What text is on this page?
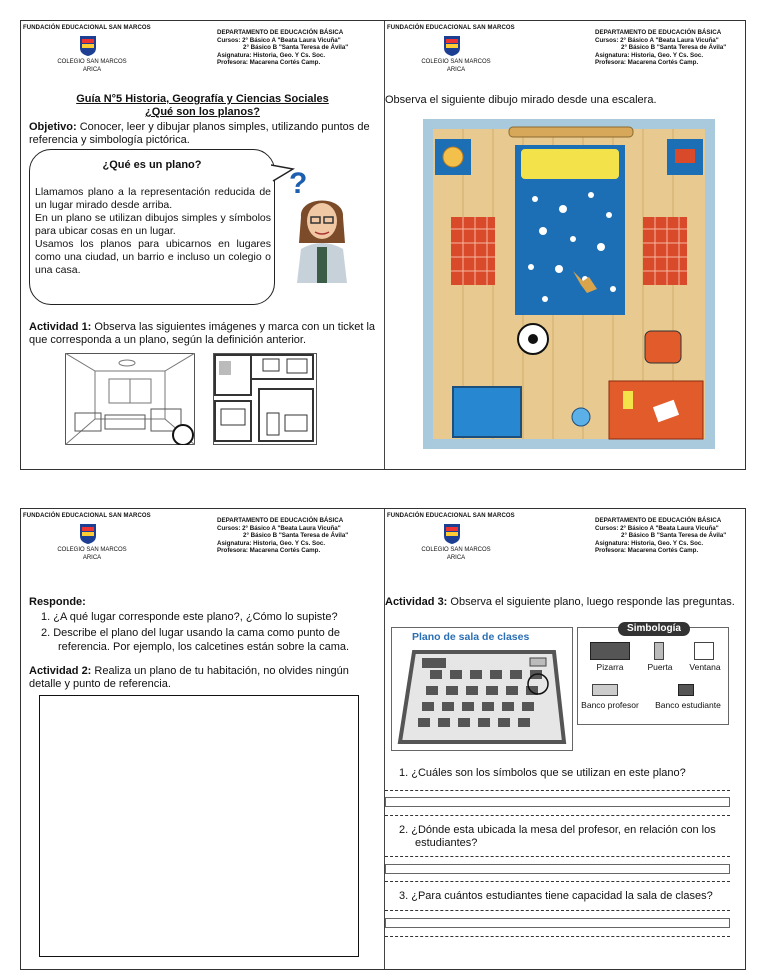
FUNDACIÓN EDUCACIONAL SAN MARCOS
COLEGIO SAN MARCOS
ARICA
DEPARTAMENTO DE EDUCACIÓN BÁSICA
Cursos: 2° Básico A "Beata Laura Vicuña"
2° Básico B "Santa Teresa de Ávila"
Asignatura: Historia, Geo. Y Cs. Soc.
Profesora: Macarena Cortés Camp.
Guía N°5 Historia, Geografía y Ciencias Sociales
¿Qué son los planos?
Objetivo: Conocer, leer y dibujar planos simples, utilizando puntos de referencia y simbología pictórica.
¿Qué es un plano?
Llamamos plano a la representación reducida de un lugar mirado desde arriba.
En un plano se utilizan dibujos simples y símbolos para ubicar cosas en un lugar.
Usamos los planos para ubicarnos en lugares como una ciudad, un barrio e incluso un colegio o una casa.
?
Actividad 1: Observa las siguientes imágenes y marca con un ticket la que corresponda a un plano, según la definición anterior.
FUNDACIÓN EDUCACIONAL SAN MARCOS
COLEGIO SAN MARCOS
ARICA
DEPARTAMENTO DE EDUCACIÓN BÁSICA
Cursos: 2° Básico A "Beata Laura Vicuña"
2° Básico B "Santa Teresa de Ávila"
Asignatura: Historia, Geo. Y Cs. Soc.
Profesora: Macarena Cortés Camp.
Observa el siguiente dibujo mirado desde una escalera.
FUNDACIÓN EDUCACIONAL SAN MARCOS
COLEGIO SAN MARCOS
ARICA
DEPARTAMENTO DE EDUCACIÓN BÁSICA
Cursos: 2° Básico A "Beata Laura Vicuña"
2° Básico B "Santa Teresa de Ávila"
Asignatura: Historia, Geo. Y Cs. Soc.
Profesora: Macarena Cortés Camp.
Responde:
1. ¿A qué lugar corresponde este plano?, ¿Cómo lo supiste?
2. Describe el plano del lugar usando la cama como punto de
referencia. Por ejemplo, los calcetines están sobre la cama.
Actividad 2: Realiza un plano de tu habitación, no olvides ningún detalle y punto de referencia.
FUNDACIÓN EDUCACIONAL SAN MARCOS
COLEGIO SAN MARCOS
ARICA
DEPARTAMENTO DE EDUCACIÓN BÁSICA
Cursos: 2° Básico A "Beata Laura Vicuña"
2° Básico B "Santa Teresa de Ávila"
Asignatura: Historia, Geo. Y Cs. Soc.
Profesora: Macarena Cortés Camp.
Actividad 3: Observa el siguiente plano, luego responde las preguntas.
Plano de sala de clases
Simbología
Pizarra	Puerta	Ventana
Banco profesor	Banco estudiante
1. ¿Cuáles son los símbolos que se utilizan en este plano?
2. ¿Dónde esta ubicada la mesa del profesor, en relación con los
estudiantes?
3. ¿Para cuántos estudiantes tiene capacidad la sala de clases?
